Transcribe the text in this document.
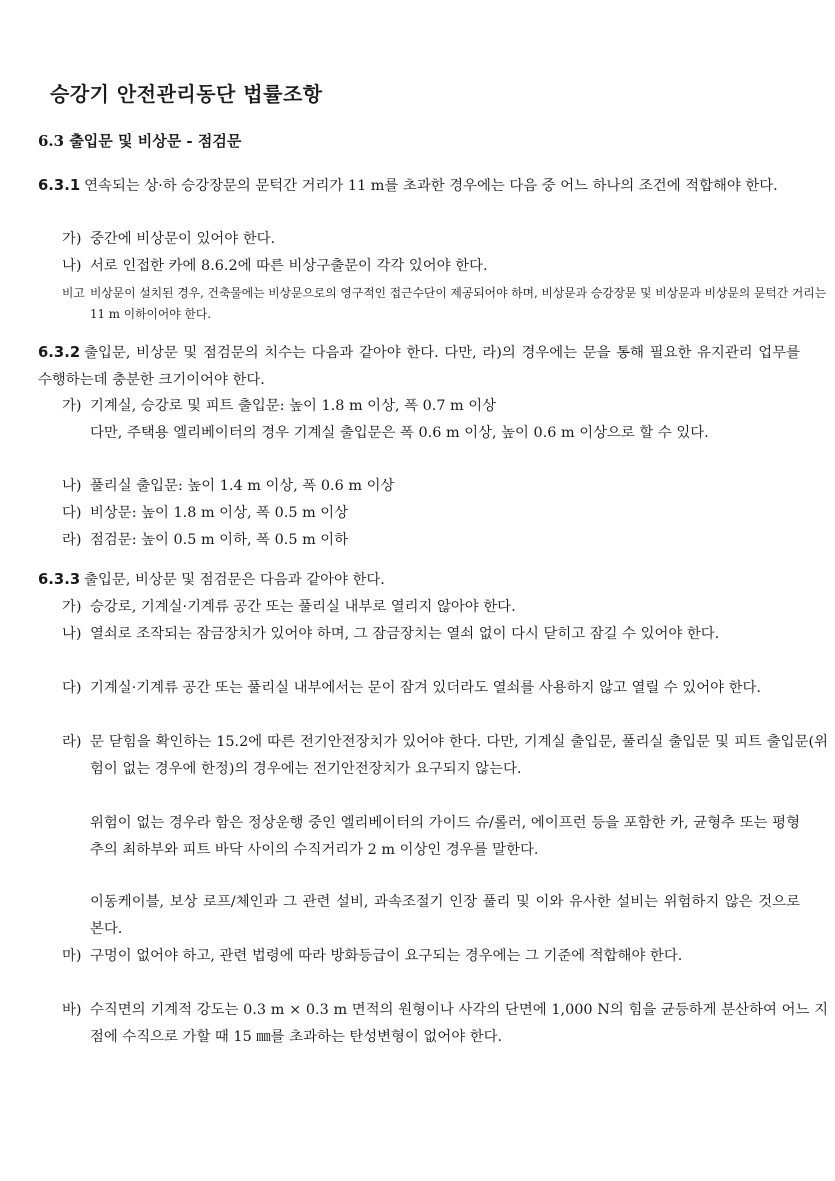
승강기 안전관리동단 법률조항
6.3 출입문 및 비상문 - 점검문
6.3.1 연속되는 상·하 승강장문의 문턱간 거리가 11 m를 초과한 경우에는 다음 중 어느 하나의 조건에 적합해야 한다.
가) 중간에 비상문이 있어야 한다.
나) 서로 인접한 카에 8.6.2에 따른 비상구출문이 각각 있어야 한다.
비고 비상문이 설치된 경우, 건축물에는 비상문으로의 영구적인 접근수단이 제공되어야 하며, 비상문과 승강장문 및 비상문과 비상문의 문턱간 거리는 11 m 이하이어야 한다.
6.3.2 출입문, 비상문 및 점검문의 치수는 다음과 같아야 한다. 다만, 라)의 경우에는 문을 통해 필요한 유지관리 업무를 수행하는데 충분한 크기이어야 한다.
가) 기계실, 승강로 및 피트 출입문: 높이 1.8 m 이상, 폭 0.7 m 이상
다만, 주택용 엘리베이터의 경우 기계실 출입문은 폭 0.6 m 이상, 높이 0.6 m 이상으로 할 수 있다.
나) 풀리실 출입문: 높이 1.4 m 이상, 폭 0.6 m 이상
다) 비상문: 높이 1.8 m 이상, 폭 0.5 m 이상
라) 점검문: 높이 0.5 m 이하, 폭 0.5 m 이하
6.3.3 출입문, 비상문 및 점검문은 다음과 같아야 한다.
가) 승강로, 기계실·기계류 공간 또는 풀리실 내부로 열리지 않아야 한다.
나) 열쇠로 조작되는 잠금장치가 있어야 하며, 그 잠금장치는 열쇠 없이 다시 닫히고 잠길 수 있어야 한다.
다) 기계실·기계류 공간 또는 풀리실 내부에서는 문이 잠겨 있더라도 열쇠를 사용하지 않고 열릴 수 있어야 한다.
라) 문 닫힘을 확인하는 15.2에 따른 전기안전장치가 있어야 한다. 다만, 기계실 출입문, 풀리실 출입문 및 피트 출입문(위험이 없는 경우에 한정)의 경우에는 전기안전장치가 요구되지 않는다.
위험이 없는 경우라 함은 정상운행 중인 엘리베이터의 가이드 슈/롤러, 에이프런 등을 포함한 카, 균형추 또는 평형추의 최하부와 피트 바닥 사이의 수직거리가 2 m 이상인 경우를 말한다.
이동케이블, 보상 로프/체인과 그 관련 설비, 과속조절기 인장 풀리 및 이와 유사한 설비는 위험하지 않은 것으로 본다.
마) 구멍이 없어야 하고, 관련 법령에 따라 방화등급이 요구되는 경우에는 그 기준에 적합해야 한다.
바) 수직면의 기계적 강도는 0.3 m × 0.3 m 면적의 원형이나 사각의 단면에 1,000 N의 힘을 균등하게 분산하여 어느 지점에 수직으로 가할 때 15 ㎜를 초과하는 탄성변형이 없어야 한다.
